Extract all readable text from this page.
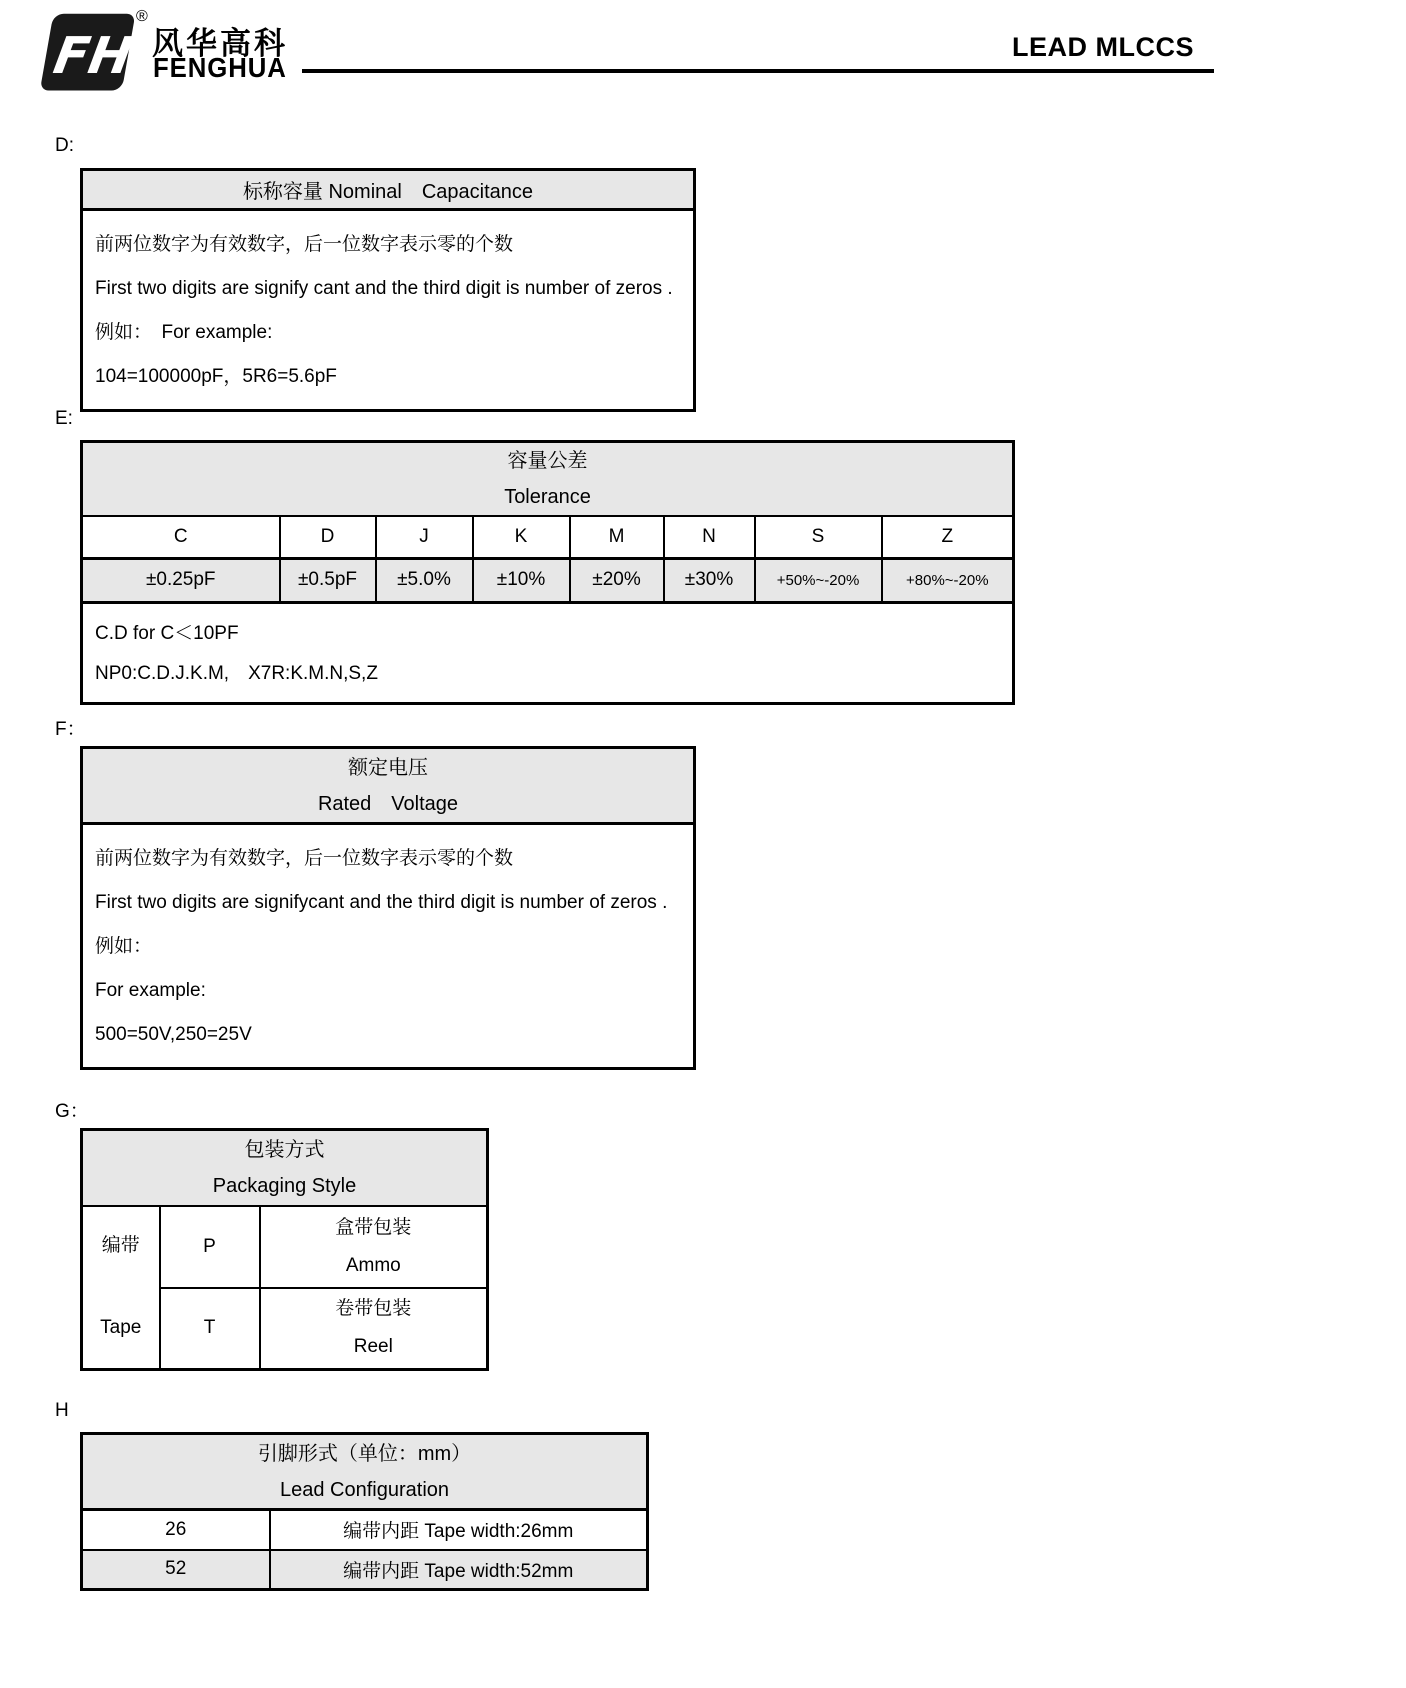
FH
®
风华高科
FENGHUA
LEAD MLCCS
D:
标称容量 Nominal　Capacitance

前两位数字为有效数字，后一位数字表示零的个数
First two digits are signify cant and the third digit is number of zeros .
例如：　For example:
104=100000pF，5R6=5.6pF
E:
容量公差
Tolerance							

C	D	J	K	M	N	S	Z
±0.25pF	±0.5pF	±5.0%	±10%	±20%	±30%	+50%~-20%	+80%~-20%

C.D for C＜10PF
NP0:C.D.J.K.M,　X7R:K.M.N,S,Z							
F：
额定电压
Rated　Voltage

前两位数字为有效数字，后一位数字表示零的个数
First two digits are signifycant and the third digit is number of zeros .
例如：
For example:
500=50V,250=25V
G：
包装方式
Packaging Style		

编带
Tape	P	盒带包装
Ammo

	T	卷带包装
Reel
H
引脚形式（单位：mm）
Lead Configuration	

26	编带内距 Tape width:26mm
52	编带内距 Tape width:52mm
